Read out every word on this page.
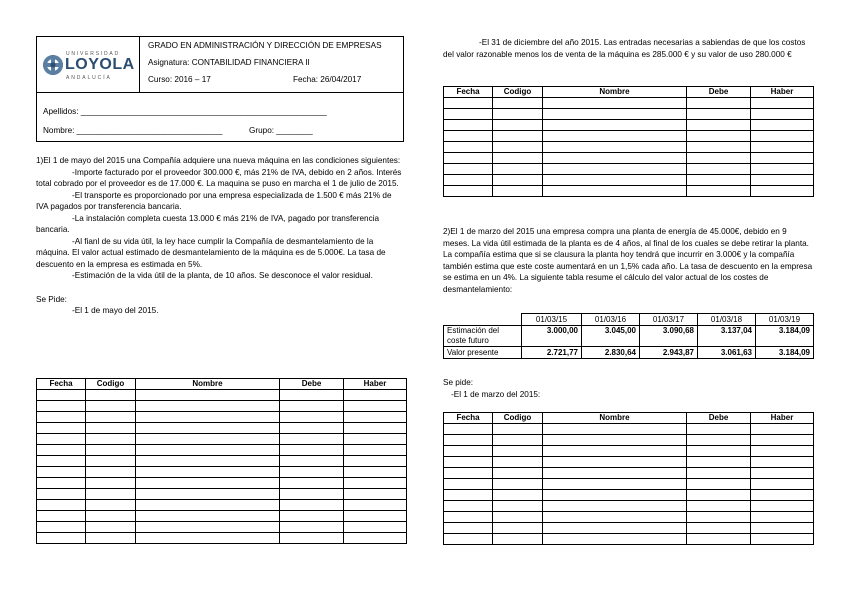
UNIVERSIDAD
LOYOLA
ANDALUCÍA
GRADO EN ADMINISTRACIÓN Y DIRECCIÓN DE EMPRESAS
Asignatura: CONTABILIDAD FINANCIERA II
Curso: 2016 – 17	Fecha: 26/04/2017
Apellidos: ______________________________________________________
Nombre: ________________________________	Grupo: ________
1)El 1 de mayo del 2015 una Compañía adquiere una nueva máquina en las condiciones siguientes:
-Importe facturado por el proveedor 300.000 €, más 21% de IVA, debido en 2 años. Interés total cobrado por el proveedor es de 17.000 €. La maquina se puso en marcha el 1 de julio de 2015.
-El transporte es proporcionado por una empresa especializada de 1.500 € más 21% de IVA pagados por transferencia bancaria.
-La instalación completa cuesta 13.000 € más 21% de IVA, pagado por transferencia bancaria.
-Al fianl de su vida útil, la ley hace cumplir la Compañía de desmantelamiento de la máquina. El valor actual estimado de desmantelamiento de la máquina es de 5.000€. La tasa de descuento en la empresa es estimada en 5%.
-Estimación de la vida útil de la planta, de 10 años. Se desconoce el valor residual.
Se Pide:
-El 1 de mayo del 2015.
Fecha	Codigo	Nombre	Debe	Haber

-El 31 de diciembre del año 2015. Las entradas necesarias a sabiendas de que los costos del valor razonable menos los de venta de la máquina es 285.000 € y su valor de uso 280.000 €
Fecha	Codigo	Nombre	Debe	Haber

2)El 1 de marzo del 2015 una empresa compra una planta de energía de 45.000€, debido en 9 meses. La vida útil estimada de la planta es de 4 años, al final de los cuales se debe retirar la planta. La compañía estima que si se clausura la planta hoy tendrá que incurrir en 3.000€ y la compañía también estima que este coste aumentará en un 1,5% cada año. La tasa de descuento en la empresa se estima en un 4%. La siguiente tabla resume el cálculo del valor actual de los costes de desmantelamiento:
	01/03/15	01/03/16	01/03/17	01/03/18	01/03/19
Estimación del coste futuro	3.000,00	3.045,00	3.090,68	3.137,04	3.184,09
Valor presente	2.721,77	2.830,64	2.943,87	3.061,63	3.184,09
Se pide:
-El 1 de marzo del 2015:
Fecha	Codigo	Nombre	Debe	Haber
